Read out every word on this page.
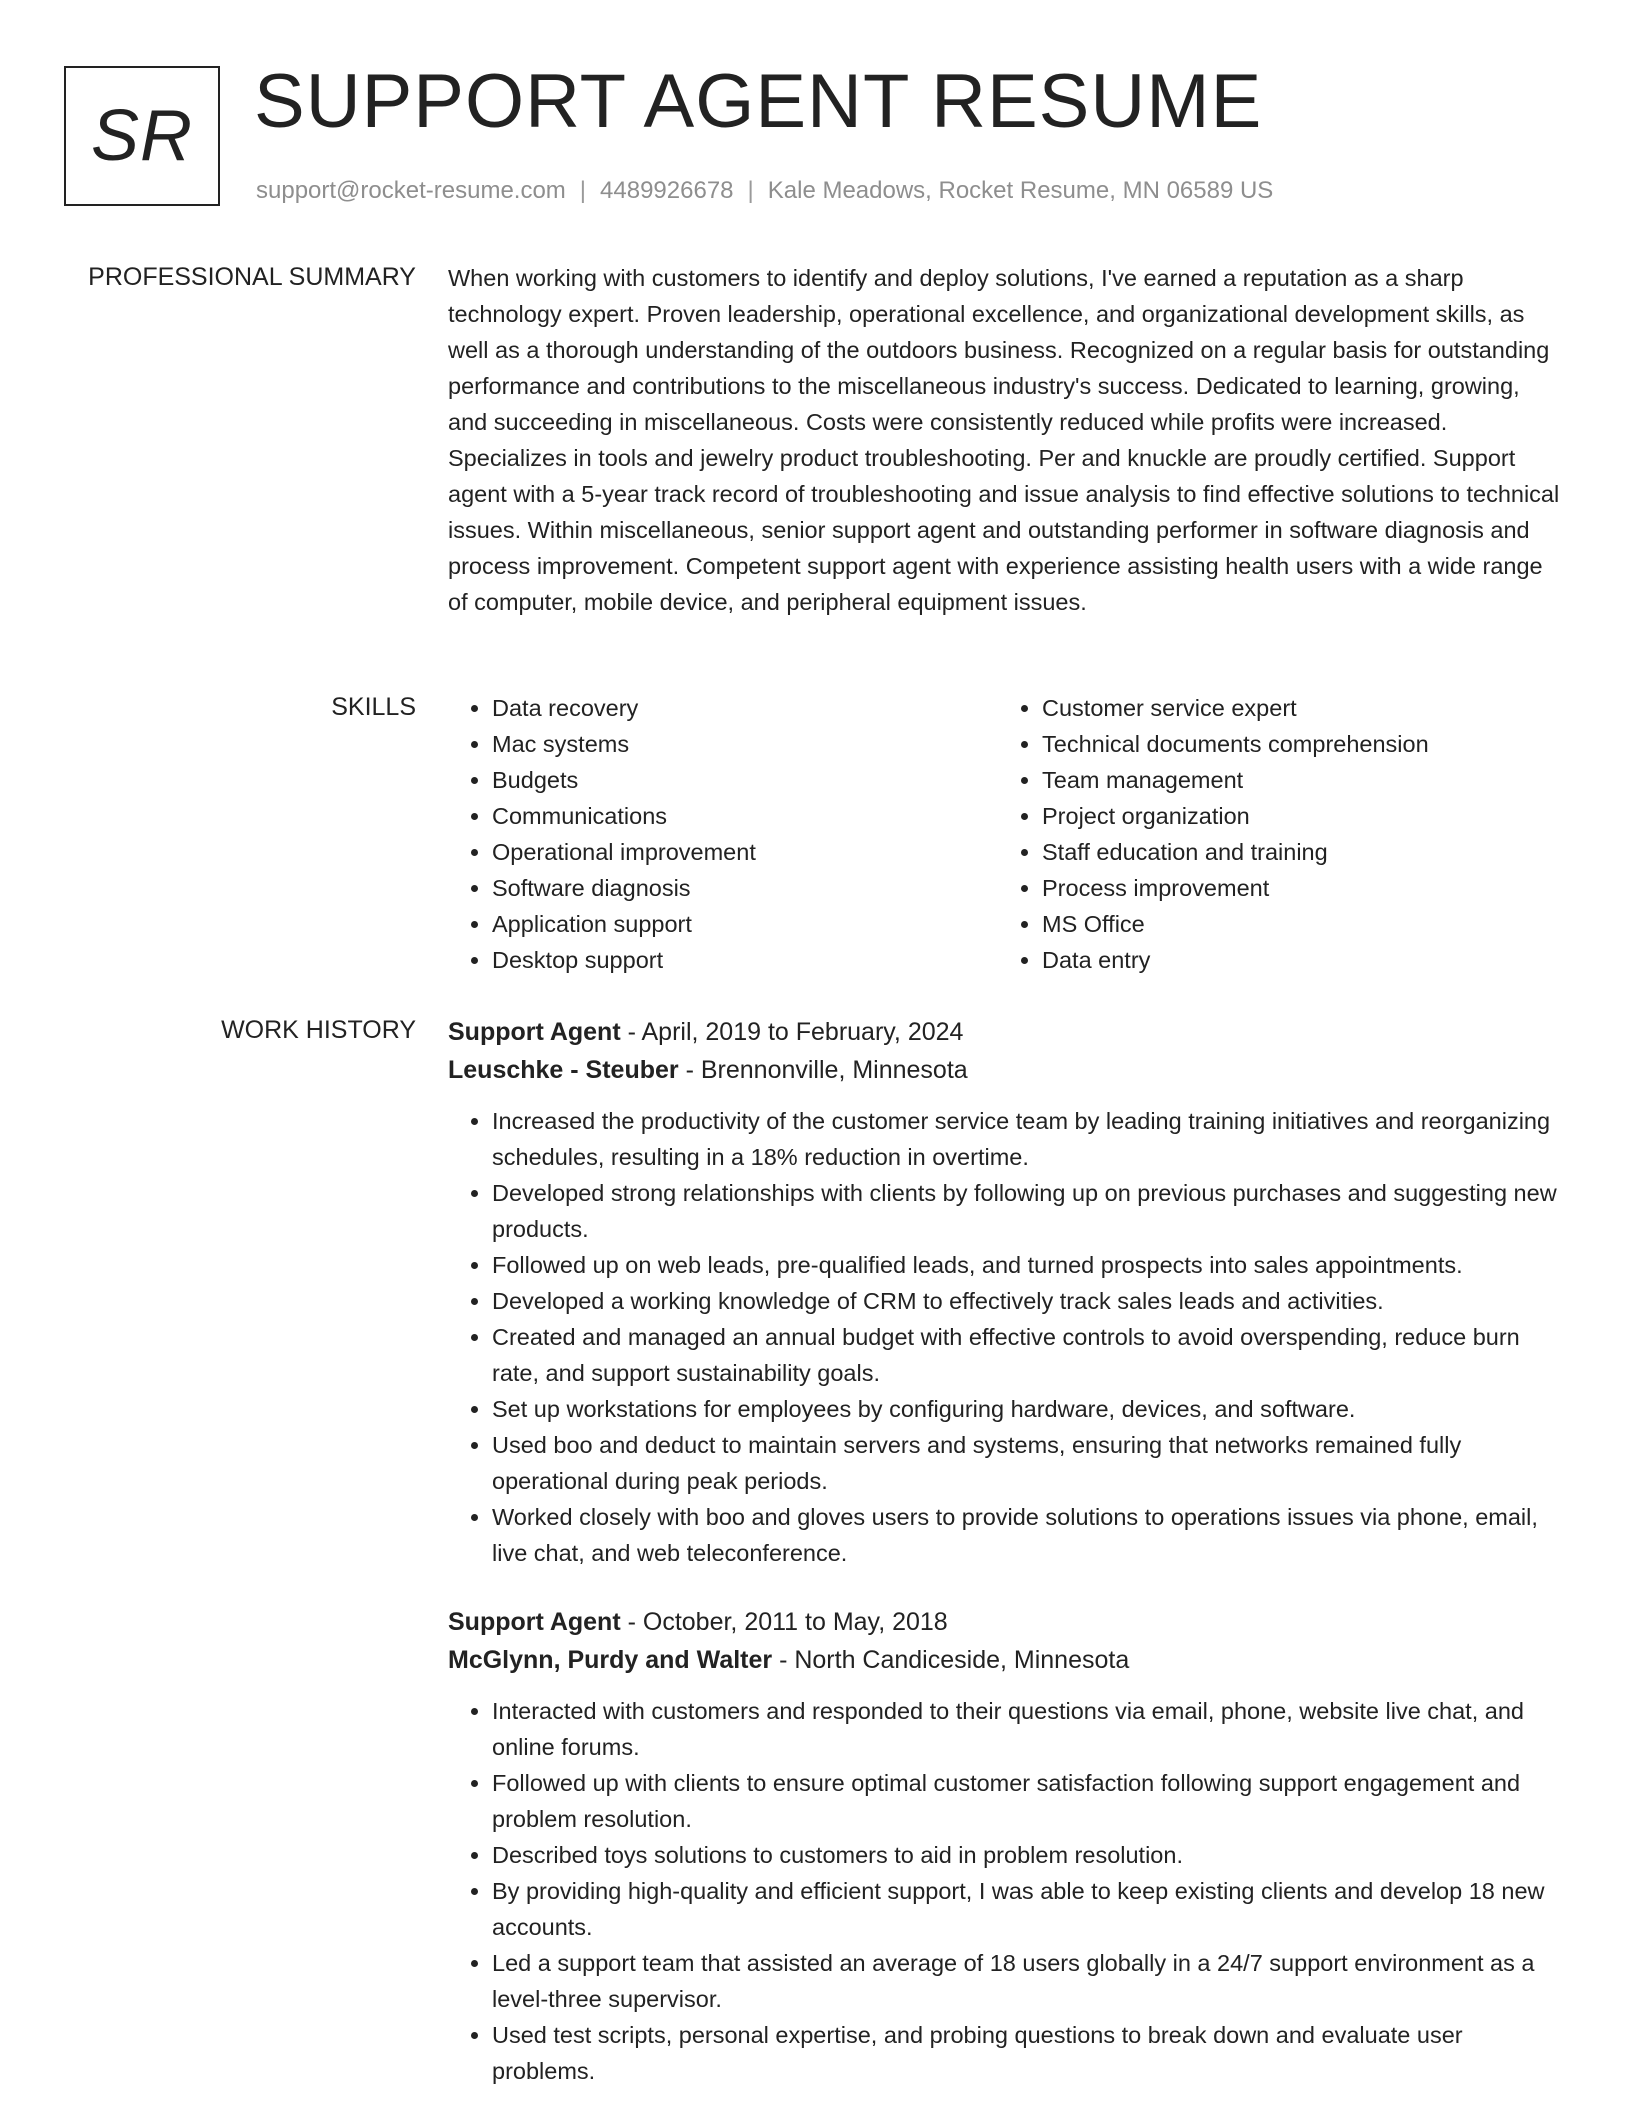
SR SUPPORT AGENT RESUME
support@rocket-resume.com | 4489926678 | Kale Meadows, Rocket Resume, MN 06589 US
PROFESSIONAL SUMMARY When working with customers to identify and deploy solutions, I've earned a reputation as a sharp technology expert. Proven leadership, operational excellence, and organizational development skills, as well as a thorough understanding of the outdoors business. Recognized on a regular basis for outstanding performance and contributions to the miscellaneous industry's success. Dedicated to learning, growing, and succeeding in miscellaneous. Costs were consistently reduced while profits were increased. Specializes in tools and jewelry product troubleshooting. Per and knuckle are proudly certified. Support agent with a 5-year track record of troubleshooting and issue analysis to find effective solutions to technical issues. Within miscellaneous, senior support agent and outstanding performer in software diagnosis and process improvement. Competent support agent with experience assisting health users with a wide range of computer, mobile device, and peripheral equipment issues.

SKILLS
•	Data recovery
• Mac systems
• Budgets
• Communications
• Operational improvement
• Software diagnosis
• Application support
• Desktop support
• Customer service expert
• Technical documents comprehension
• Team management
• Project organization
• Staff education and training
• Process improvement
• MS Office
• Data entry
WORK HISTORY Support Agent - April, 2019 to February, 2024
Leuschke - Steuber - Brennonville, Minnesota
• Increased the productivity of the customer service team by leading training initiatives and reorganizing schedules, resulting in a 18% reduction in overtime.
• Developed strong relationships with clients by following up on previous purchases and suggesting new products.
• Followed up on web leads, pre-qualified leads, and turned prospects into sales appointments.
• Developed a working knowledge of CRM to effectively track sales leads and activities.
• Created and managed an annual budget with effective controls to avoid overspending, reduce burn rate, and support sustainability goals.
• Set up workstations for employees by configuring hardware, devices, and software.
• Used boo and deduct to maintain servers and systems, ensuring that networks remained fully operational during peak periods.
• Worked closely with boo and gloves users to provide solutions to operations issues via phone, email, live chat, and web teleconference.
Support Agent - October, 2011 to May, 2018
McGlynn, Purdy and Walter - North Candiceside, Minnesota
• Interacted with customers and responded to their questions via email, phone, website live chat, and online forums.
• Followed up with clients to ensure optimal customer satisfaction following support engagement and problem resolution.
• Described toys solutions to customers to aid in problem resolution.
• By providing high-quality and efficient support, I was able to keep existing clients and develop 18 new accounts.
• Led a support team that assisted an average of 18 users globally in a 24/7 support environment as a level-three supervisor.
• Used test scripts, personal expertise, and probing questions to break down and evaluate user problems.
